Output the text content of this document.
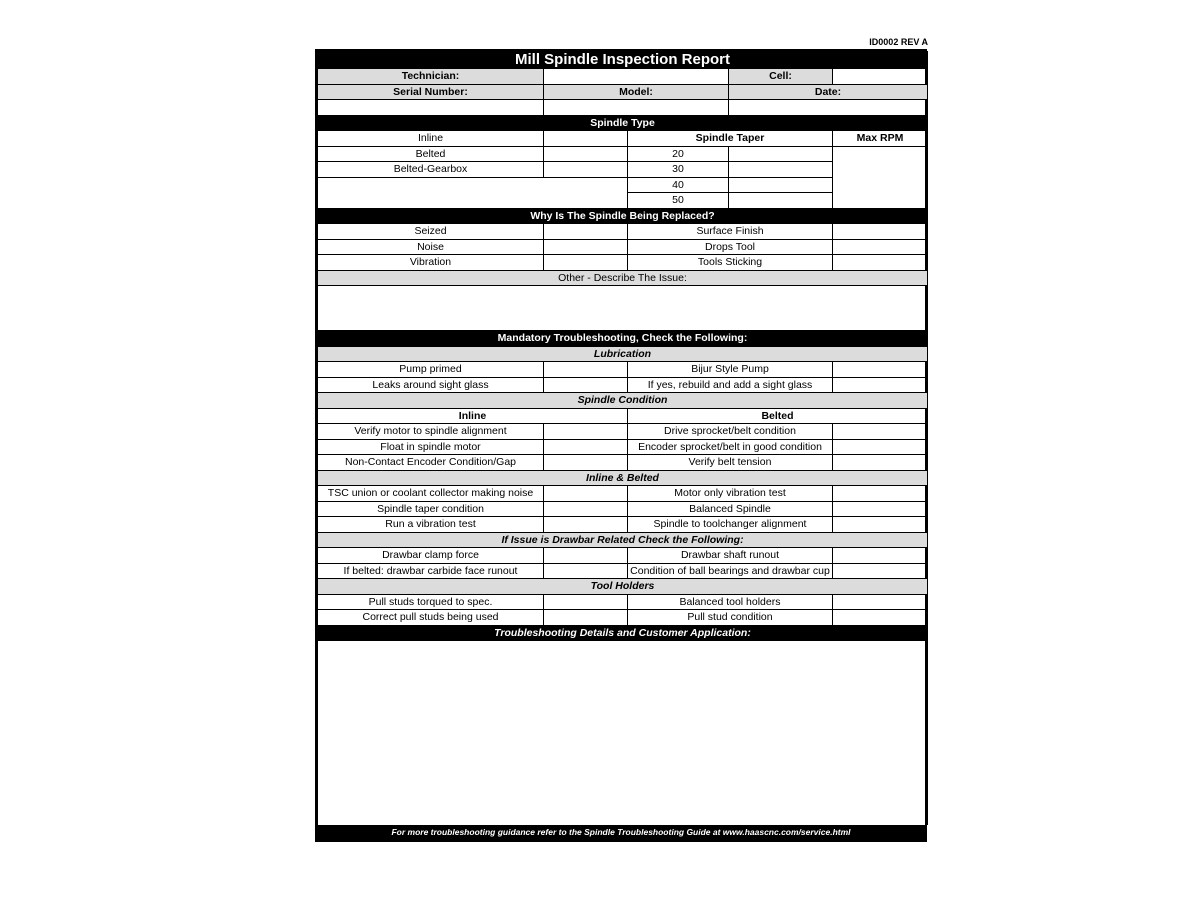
ID0002 REV A
Mill Spindle Inspection Report				
Technician:			Cell:	
Serial Number:	Model:		Date:	

Spindle Type				
Inline		Spindle Taper		Max RPM
Belted		20		
Belted-Gearbox		30		
		40		
		50		
Why Is The Spindle Being Replaced?				
Seized		Surface Finish		
Noise		Drops Tool		
Vibration		Tools Sticking		
Other - Describe The Issue:				

Mandatory Troubleshooting, Check the Following:				
Lubrication				
Pump primed		Bijur Style Pump		
Leaks around sight glass		If yes, rebuild and add a sight glass		
Spindle Condition				
Inline		Belted		
Verify motor to spindle alignment		Drive sprocket/belt condition		
Float in spindle motor		Encoder sprocket/belt in good condition		
Non-Contact Encoder Condition/Gap		Verify belt tension		
Inline & Belted				
TSC union or coolant collector making noise		Motor only vibration test		
Spindle taper condition		Balanced Spindle		
Run a vibration test		Spindle to toolchanger alignment		
If Issue is Drawbar Related Check the Following:				
Drawbar clamp force		Drawbar shaft runout		
If belted: drawbar carbide face runout		Condition of ball bearings and drawbar cup		
Tool Holders				
Pull studs torqued to spec.		Balanced tool holders		
Correct pull studs being used		Pull stud condition		
Troubleshooting Details and Customer Application:				

For more troubleshooting guidance refer to the Spindle Troubleshooting Guide at www.haascnc.com/service.html
